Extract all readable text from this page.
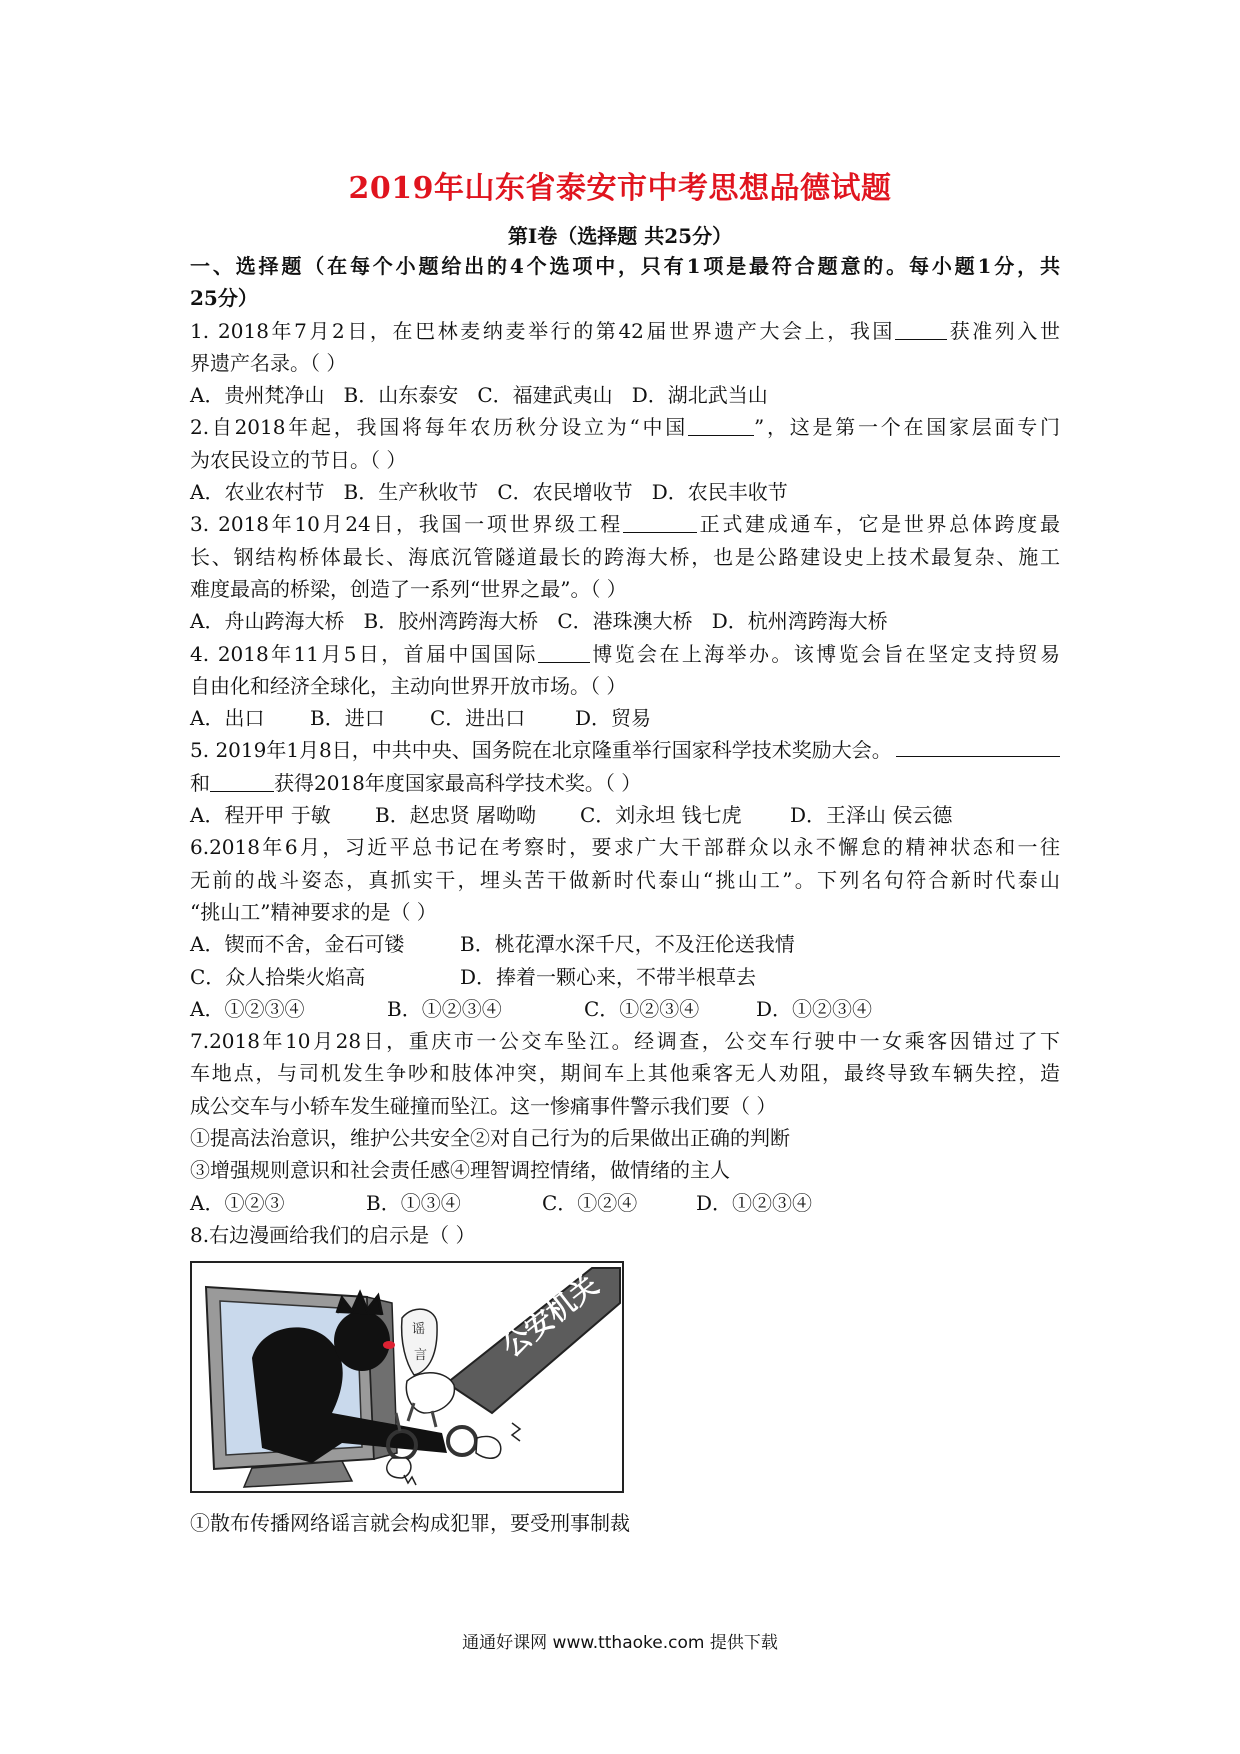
2019年山东省泰安市中考思想品德试题
第Ⅰ卷（选择题 共25分）
一、选择题（在每个小题给出的4个选项中，只有1项是最符合题意的。每小题1分，共
25分）
1. 2018年7月2日，在巴林麦纳麦举行的第42届世界遗产大会上，我国	获准列入世
界遗产名录。（ ）
A．贵州梵净山 B．山东泰安 C．福建武夷山 D．湖北武当山
2.自2018年起，我国将每年农历秋分设立为“中国	”，这是第一个在国家层面专门
为农民设立的节日。（ ）
A．农业农村节 B．生产秋收节 C．农民增收节 D．农民丰收节
3. 2018年10月24日，我国一项世界级工程	正式建成通车，它是世界总体跨度最
长、钢结构桥体最长、海底沉管隧道最长的跨海大桥，也是公路建设史上技术最复杂、施工
难度最高的桥梁，创造了一系列“世界之最”。（ ）
A．舟山跨海大桥 B．胶州湾跨海大桥 C．港珠澳大桥 D．杭州湾跨海大桥
4. 2018年11月5日，首届中国国际	博览会在上海举办。该博览会旨在坚定支持贸易
自由化和经济全球化，主动向世界开放市场。（ ）
A．出口	B．进口	C．进出口	D．贸易
5. 2019年1月8日，中共中央、国务院在北京隆重举行国家科学技术奖励大会。
和	获得2018年度国家最高科学技术奖。（ ）
A．程开甲 于敏	B．赵忠贤 屠呦呦	C．刘永坦 钱七虎	D．王泽山 侯云德
6.2018年6月，习近平总书记在考察时，要求广大干部群众以永不懈怠的精神状态和一往
无前的战斗姿态，真抓实干，埋头苦干做新时代泰山“挑山工”。下列名句符合新时代泰山
“挑山工”精神要求的是（ ）
A．锲而不舍，金石可镂	B．桃花潭水深千尺，不及汪伦送我情
C．众人拾柴火焰高	D．捧着一颗心来，不带半根草去
A．①②③④	B．①②③④	C．①②③④	D．①②③④
7.2018年10月28日，重庆市一公交车坠江。经调查，公交车行驶中一女乘客因错过了下
车地点，与司机发生争吵和肢体冲突，期间车上其他乘客无人劝阻，最终导致车辆失控，造
成公交车与小轿车发生碰撞而坠江。这一惨痛事件警示我们要（ ）
①提高法治意识，维护公共安全②对自己行为的后果做出正确的判断
③增强规则意识和社会责任感④理智调控情绪，做情绪的主人
A．①②③	B．①③④	C．①②④	D．①②③④
8.右边漫画给我们的启示是（ ）
谣
言 公安机关
①散布传播网络谣言就会构成犯罪，要受刑事制裁
通通好课网 www.tthaoke.com 提供下载
